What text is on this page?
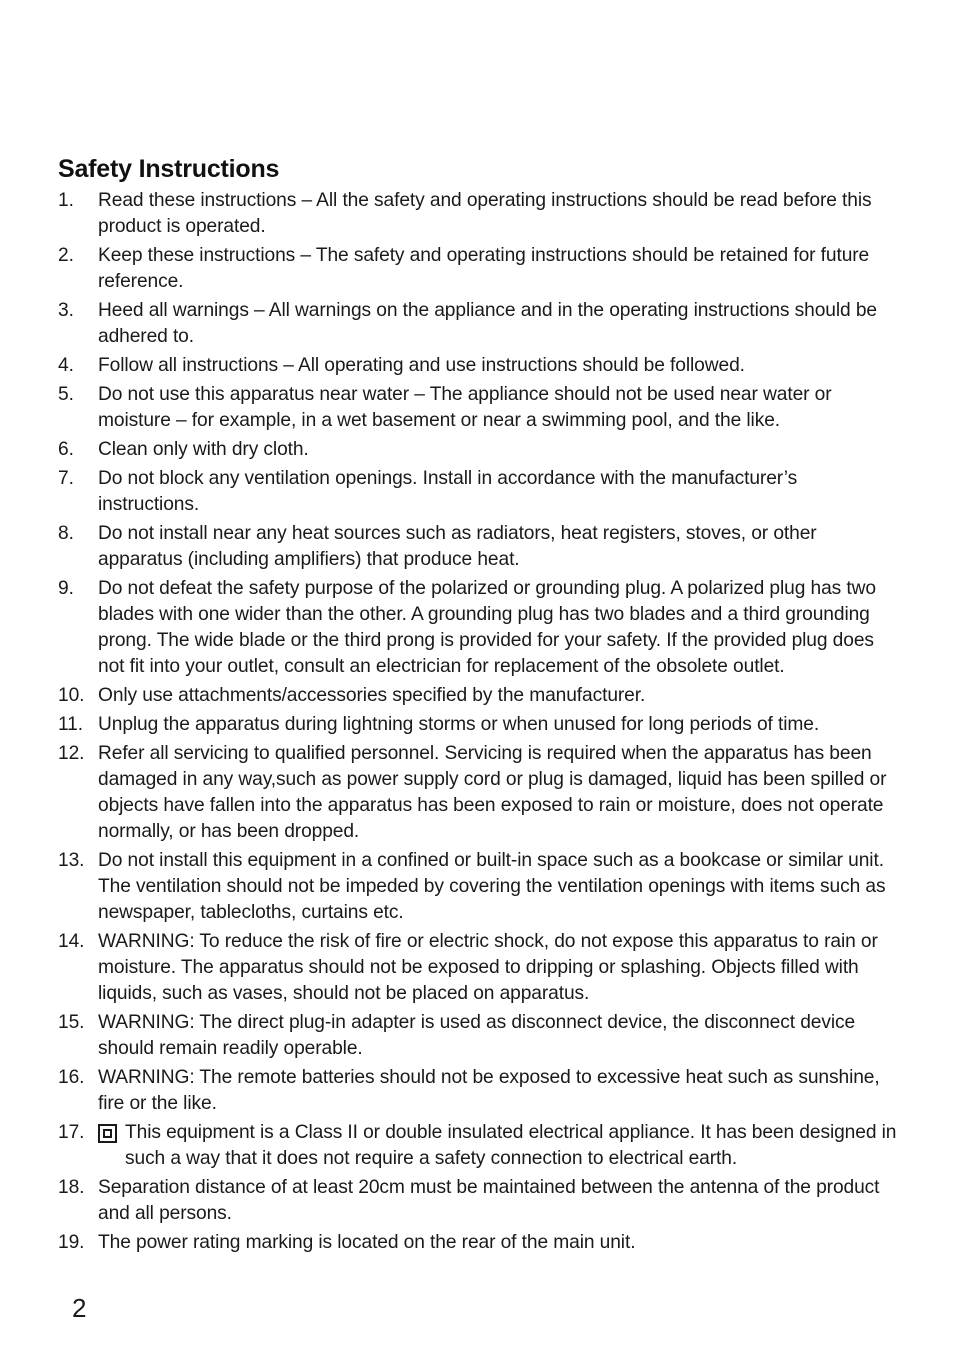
Safety Instructions
1.	Read these instructions – All the safety and operating instructions should be read before this product is operated.
2.	Keep these instructions – The safety and operating instructions should be retained for future reference.
3.	Heed all warnings – All warnings on the appliance and in the operating instructions should be adhered to.
4.	Follow all instructions – All operating and use instructions should be followed.
5.	Do not use this apparatus near water – The appliance should not be used near water or moisture – for example, in a wet basement or near a swimming pool, and the like.
6.	Clean only with dry cloth.
7.	Do not block any ventilation openings. Install in accordance with the manufacturer’s instructions.
8.	Do not install near any heat sources such as radiators, heat registers, stoves, or other apparatus (including amplifiers) that produce heat.
9.	Do not defeat the safety purpose of the polarized or grounding plug. A polarized plug has two blades with one wider than the other. A grounding plug has two blades and a third grounding prong. The wide blade or the third prong is provided for your safety. If the provided plug does not fit into your outlet, consult an electrician for replacement of the obsolete outlet.
10. Only use attachments/accessories specified by the manufacturer.
11. Unplug the apparatus during lightning storms or when unused for long periods of time.
12. Refer all servicing to qualified personnel. Servicing is required when the apparatus has been damaged in any way,such as power supply cord or plug is damaged, liquid has been spilled or objects have fallen into the apparatus has been exposed to rain or moisture, does not operate normally, or has been dropped.
13. Do not install this equipment in a confined or built-in space such as a bookcase or similar unit. The ventilation should not be impeded by covering the ventilation openings with items such as newspaper, tablecloths, curtains etc.
14. WARNING: To reduce the risk of fire or electric shock, do not expose this apparatus to rain or moisture. The apparatus should not be exposed to dripping or splashing. Objects filled with liquids, such as vases, should not be placed on apparatus.
15. WARNING: The direct plug-in adapter is used as disconnect device, the disconnect device should remain readily operable.
16. WARNING: The remote batteries should not be exposed to excessive heat such as sunshine, fire or the like.
17.	This equipment is a Class II or double insulated electrical appliance. It has been designed in such a way that it does not require a safety connection to electrical earth.
18. Separation distance of at least 20cm must be maintained between the antenna of the product and all persons.
19. The power rating marking is located on the rear of the main unit.
2
